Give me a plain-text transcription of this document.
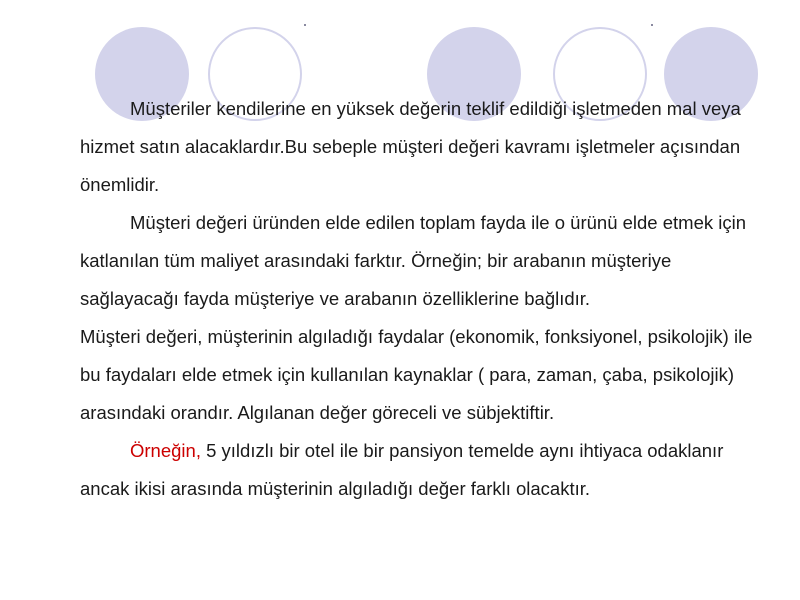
Müşteriler kendilerine en yüksek değerin teklif edildiği işletmeden mal veya hizmet satın alacaklardır.Bu sebeple müşteri değeri kavramı işletmeler açısından önemlidir.

Müşteri değeri üründen elde edilen toplam fayda ile o ürünü elde etmek için katlanılan tüm maliyet arasındaki farktır. Örneğin; bir arabanın müşteriye sağlayacağı fayda müşteriye ve arabanın özelliklerine bağlıdır.

Müşteri değeri, müşterinin algıladığı faydalar (ekonomik, fonksiyonel, psikolojik) ile bu faydaları elde etmek için kullanılan kaynaklar ( para, zaman, çaba, psikolojik) arasındaki orandır. Algılanan değer göreceli ve sübjektiftir.

Örneğin, 5 yıldızlı bir otel ile bir pansiyon temelde aynı ihtiyaca odaklanır ancak ikisi arasında müşterinin algıladığı değer farklı olacaktır.
